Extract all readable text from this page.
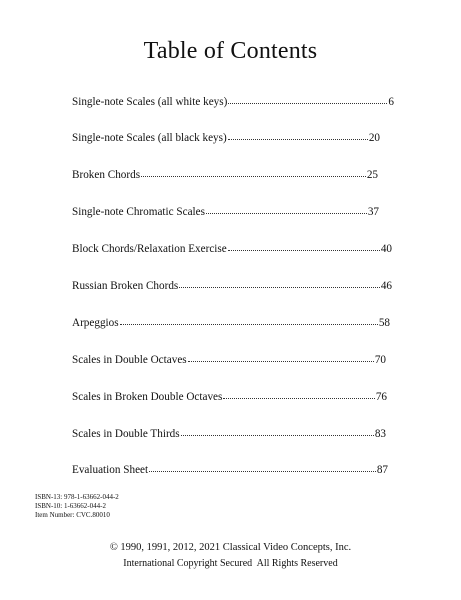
Table of Contents
Single-note Scales (all white keys)	6
Single-note Scales (all black keys)	20
Broken Chords	25
Single-note Chromatic Scales	37
Block Chords/Relaxation Exercise	40
Russian Broken Chords	46
Arpeggios	58
Scales in Double Octaves	70
Scales in Broken Double Octaves	76
Scales in Double Thirds	83
Evaluation Sheet	87
ISBN-13: 978-1-63662-044-2
ISBN-10: 1-63662-044-2
Item Number: CVC.80010
© 1990, 1991, 2012, 2021 Classical Video Concepts, Inc.
International Copyright Secured  All Rights Reserved
